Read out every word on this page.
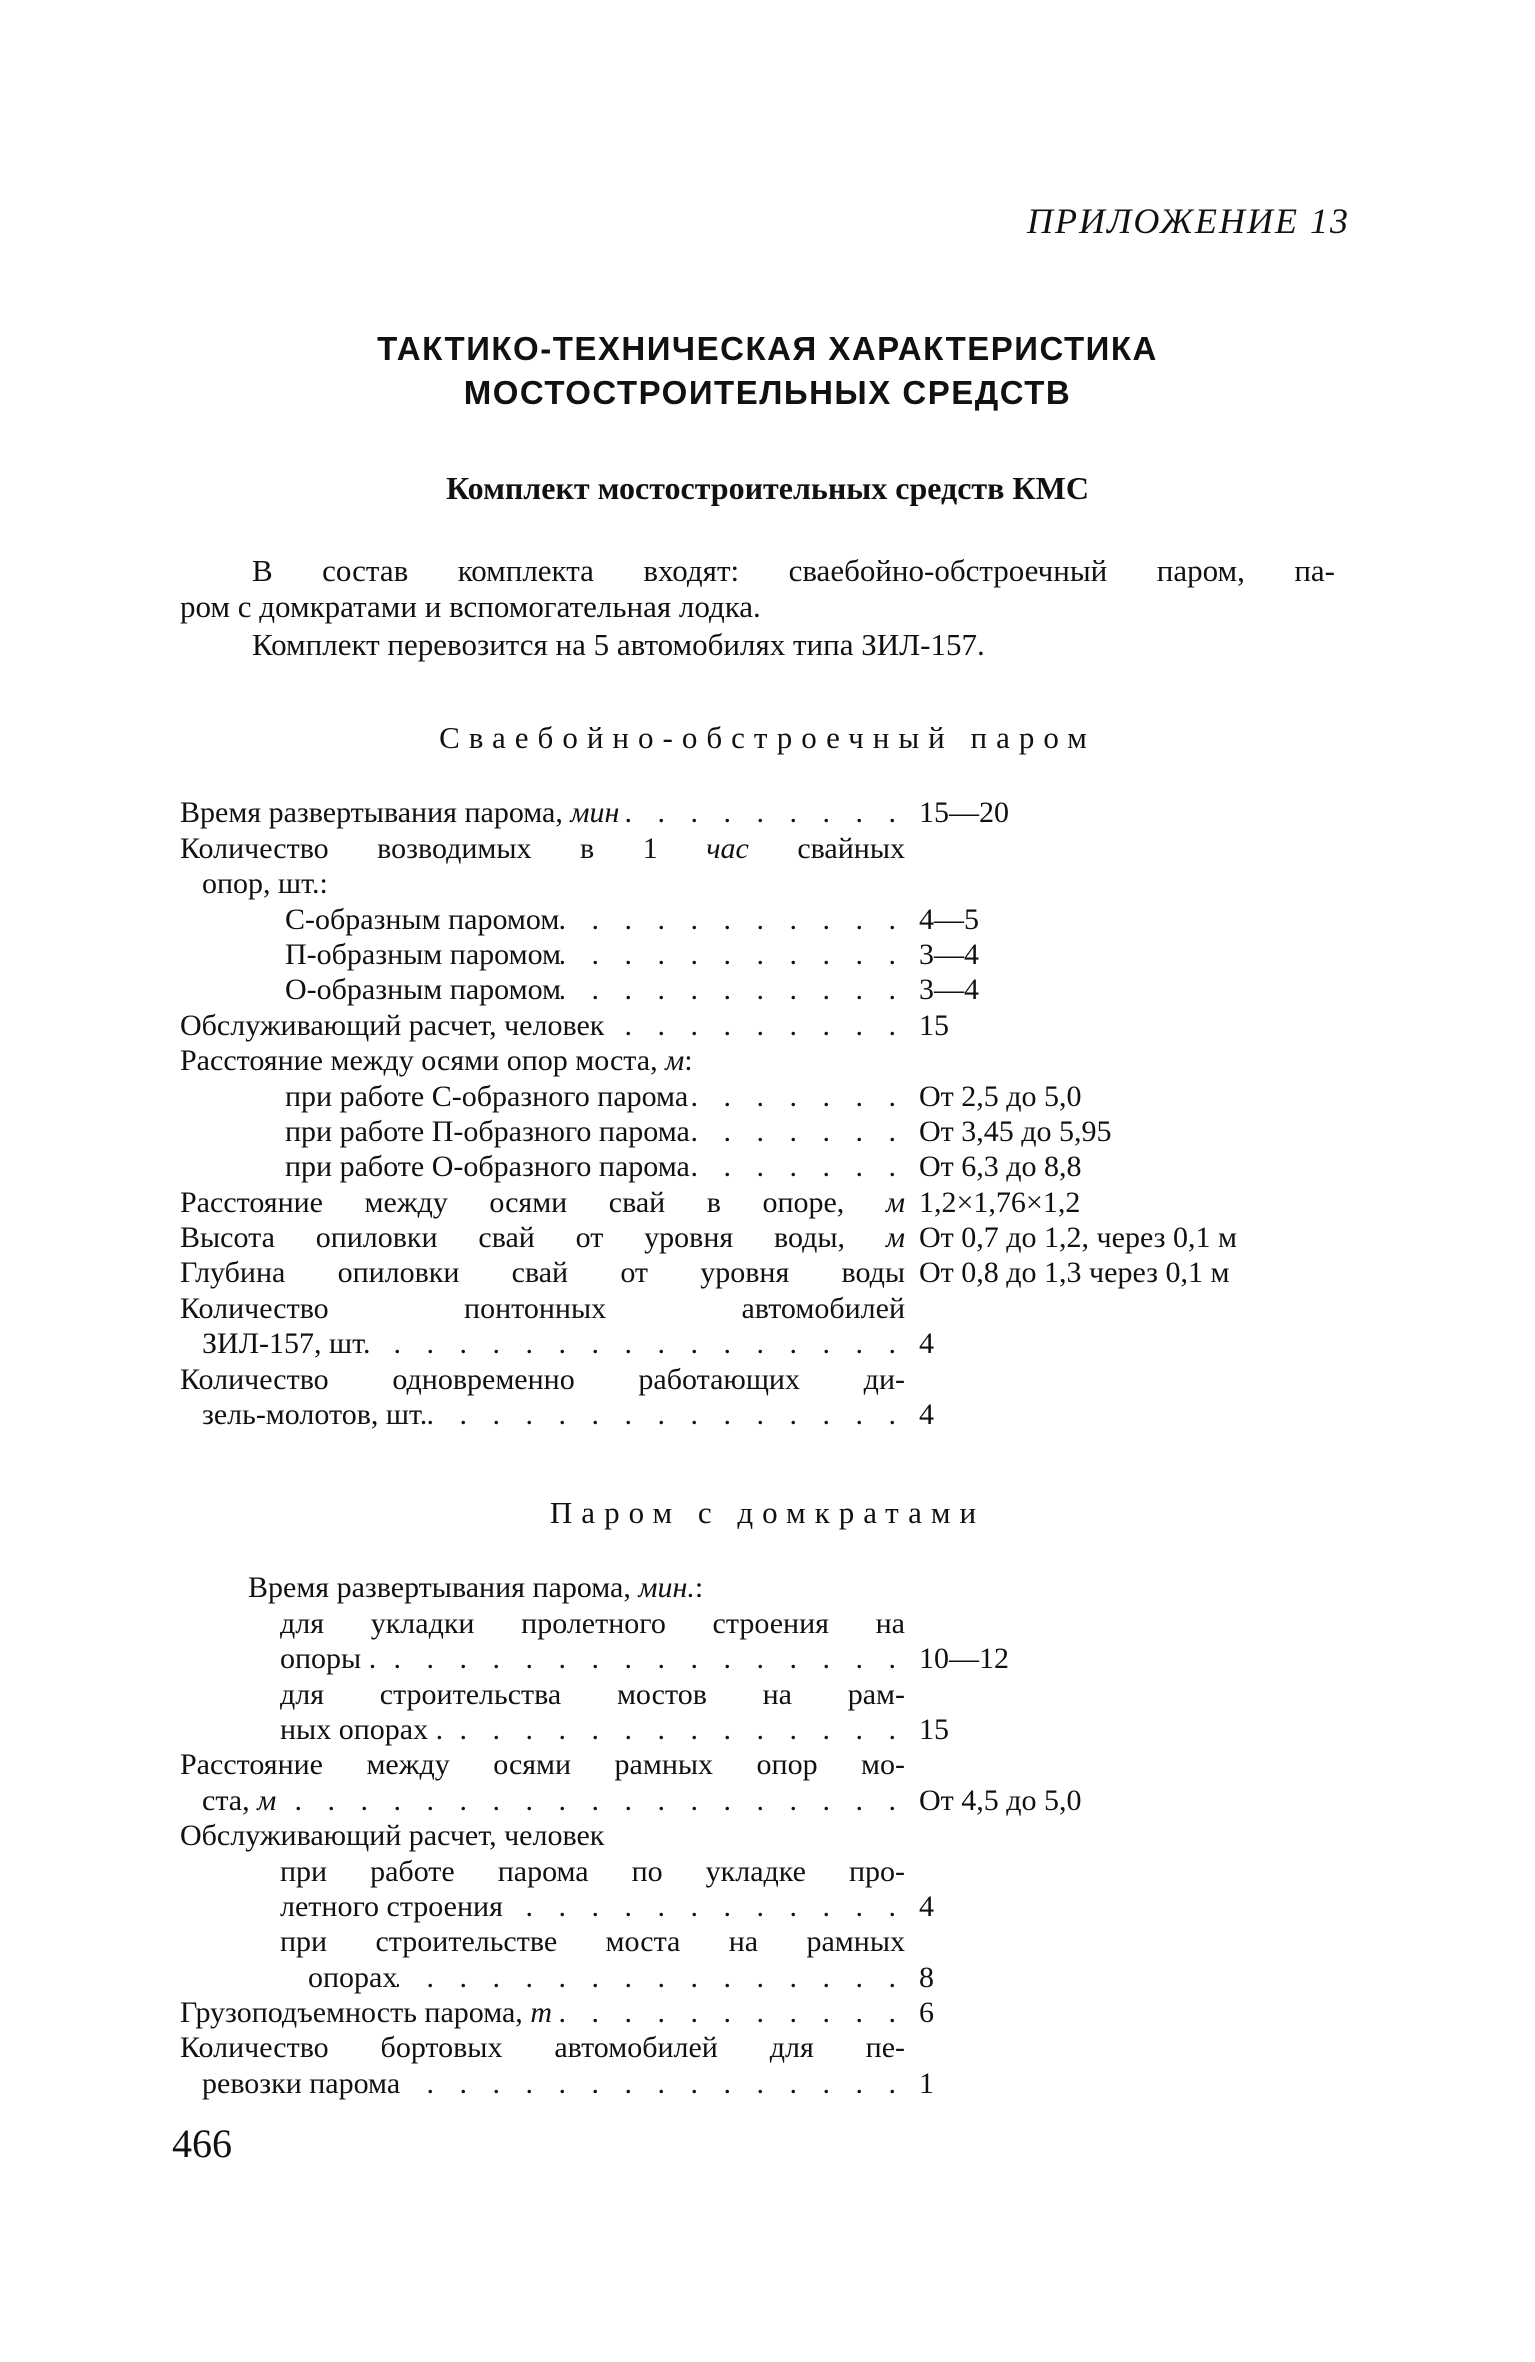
ПРИЛОЖЕНИЕ 13
ТАКТИКО-ТЕХНИЧЕСКАЯ ХАРАКТЕРИСТИКА
МОСТОСТРОИТЕЛЬНЫХ СРЕДСТВ
Комплект мостостроительных средств КМС
В состав комплекта входят: сваебойно-обстроечный паром, па-
ром с домкратами и вспомогательная лодка.
Комплект перевозится на 5 автомобилях типа ЗИЛ-157.
Сваебойно-обстроечный паром
Время развертывания парома, мин . . .	15—20
Количество возводимых в 1 час свайных
опор, шт.:
С-образным паромом . . .	4—5
П-образным паромом . . .	3—4
О-образным паромом . . .	3—4
Обслуживающий расчет, человек . . .	15
Расстояние между осями опор моста, м:
при работе С-образного парома . . .	От 2,5 до 5,0
при работе П-образного парома . . .	От 3,45 до 5,95
при работе О-образного парома . . .	От 6,3 до 8,8
Расстояние между осями свай в опоре, м 1,2×1,76×1,2
Высота опиловки свай от уровня воды, м От 0,7 до 1,2, через 0,1 м
Глубина опиловки свай от уровня воды От 0,8 до 1,3 через 0,1 м
Количество понтонных автомобилей
ЗИЛ-157, шт. . . .	4
Количество одновременно работающих ди-
зель-молотов, шт. . . .	4
Паром с домкратами
Время развертывания парома, мин.:
для укладки пролетного строения на
опоры . . . .	10—12
для строительства мостов на рам-
ных опорах . . . .	15
Расстояние между осями рамных опор мо-
ста, м . . .	От 4,5 до 5,0
Обслуживающий расчет, человек
при работе парома по укладке про-
летного строения . . .	4
при строительстве моста на рамных
опорах . . .	8
Грузоподъемность парома, т . . .	6
Количество бортовых автомобилей для пе-
ревозки парома . . .	1
466
